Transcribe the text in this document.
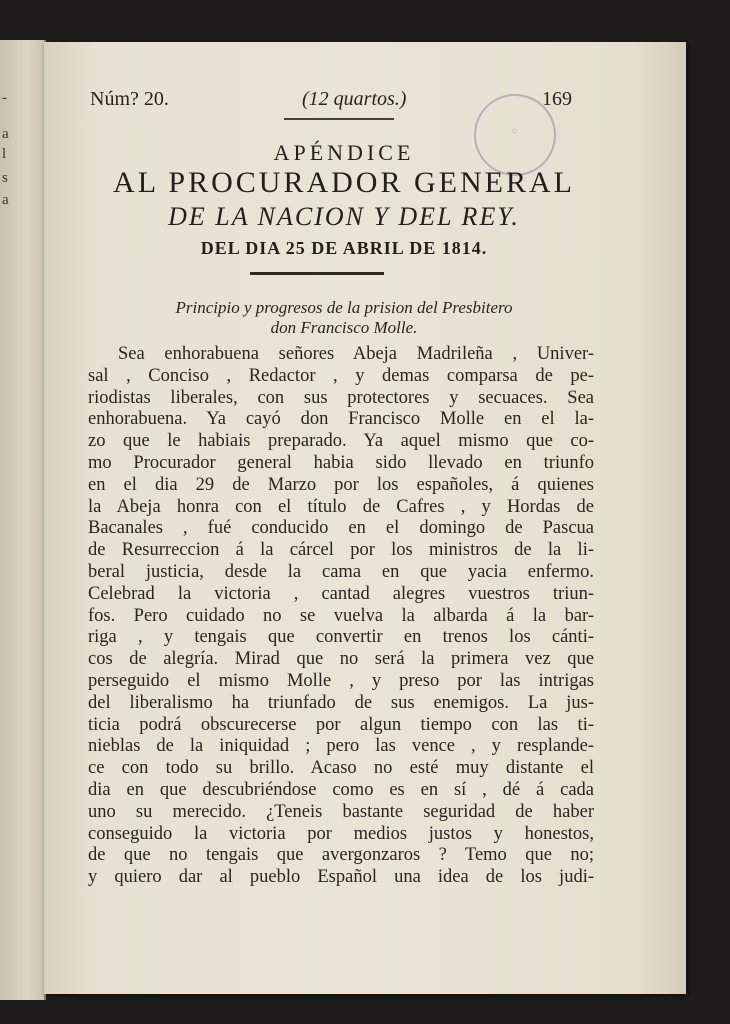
-
a
l
s
a
○
Núm? 20.	(12 quartos.)	169
APÉNDICE
AL PROCURADOR GENERAL
DE LA NACION Y DEL REY.
DEL DIA 25 DE ABRIL DE 1814.
Principio y progresos de la prision del Presbitero
don Francisco Molle.
Sea enhorabuena señores Abeja Madrileña , Univer-
sal , Conciso , Redactor , y demas comparsa de pe-
riodistas liberales, con sus protectores y secuaces. Sea
enhorabuena. Ya cayó don Francisco Molle en el la-
zo que le habiais preparado. Ya aquel mismo que co-
mo Procurador general habia sido llevado en triunfo
en el dia 29 de Marzo por los españoles, á quienes
la Abeja honra con el título de Cafres , y Hordas de
Bacanales , fué conducido en el domingo de Pascua
de Resurreccion á la cárcel por los ministros de la li-
beral justicia, desde la cama en que yacia enfermo.
Celebrad la victoria , cantad alegres vuestros triun-
fos. Pero cuidado no se vuelva la albarda á la bar-
riga , y tengais que convertir en trenos los cánti-
cos de alegría. Mirad que no será la primera vez que
perseguido el mismo Molle , y preso por las intrigas
del liberalismo ha triunfado de sus enemigos. La jus-
ticia podrá obscurecerse por algun tiempo con las ti-
nieblas de la iniquidad ; pero las vence , y resplande-
ce con todo su brillo. Acaso no esté muy distante el
dia en que descubriéndose como es en sí , dé á cada
uno su merecido. ¿Teneis bastante seguridad de haber
conseguido la victoria por medios justos y honestos,
de que no tengais que avergonzaros ? Temo que no;
y quiero dar al pueblo Español una idea de los judi-
